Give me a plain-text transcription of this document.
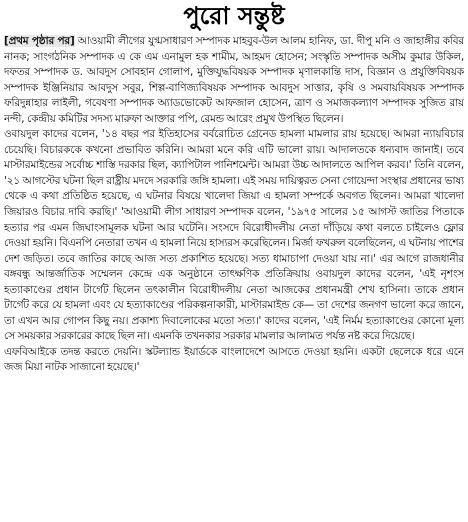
পুরো সন্তুষ্ট

[প্রথম পৃষ্ঠার পর] আওয়ামী লীগের যুগ্মসাধারণ সম্পাদক মাহবুব-উল আলম হানিফ, ডা. দীপু মনি ও জাহাঙ্গীর কবির নানক; সাংগঠনিক সম্পাদক এ কে এম এনামুল হক শামীম, আহমদ হোসেন; সংস্কৃতি সম্পাদক অসীম কুমার উকিল, দফতর সম্পাদক ড. আবদুস সোবহান গোলাপ, মুক্তিযুদ্ধবিষয়ক সম্পাদক মৃণালকান্তি দাস, বিজ্ঞান ও প্রযুক্তিবিষয়ক সম্পাদক ইঞ্জিনিয়ার আবদুস সবুর, শিল্প-বাণিজ্যবিষয়ক সম্পাদক আবদুস সাত্তার, কৃষি ও সমবায়বিষয়ক সম্পাদক ফরিদুন্নাহার লাইলী, গবেষণা সম্পাদক অ্যাডভোকেট আফজাল হোসেন, ত্রাণ ও সমাজকল্যাণ সম্পাদক সুজিত রায় নন্দী, কেন্দ্রীয় কমিটির সদস্য মারুফা আক্তার পপি, রেমন্ড আরেং প্রমুখ উপস্থিত ছিলেন।

ওবায়দুল কাদের বলেন, '১৪ বছর পর ইতিহাসের বর্বরোচিত গ্রেনেড হামলা মামলার রায় হয়েছে। আমরা ন্যায়বিচার চেয়েছি। বিচারককে কখনো প্রভাবিত করিনি। আমরা মনে করি এটি ভালো রায়। আদালতকে ধন্যবাদ জানাই। তবে মাস্টারমাইন্ডের সর্বোচ্চ শাস্তি দরকার ছিল, ক্যাপিটাল পানিশমেন্ট। আমরা উচ্চ আদালতে আপিল করব।' তিনি বলেন, '২১ আগস্টের ঘটনা ছিল রাষ্ট্রীয় মদদে সরকারি জঙ্গি হামলা। এই সময় দায়িত্বরত সেনা গোয়েন্দা সংস্থার প্রধানের ভাষ্য থেকে এ কথা প্রতিষ্ঠিত হয়েছে, এ ঘটনার বিষয়ে খালেদা জিয়া এ হামলা সম্পর্কে অবগত ছিলেন। আমরা খালেদা জিয়ারও বিচার দাবি করছি।' 'আওয়ামী লীগ সাধারণ সম্পাদক বলেন, '১৯৭৫ সালের ১৫ আগস্ট জাতির পিতাকে হত্যার পর এমন জিঘাংসামূলক ঘটনা আর ঘটেনি। সংসদে বিরোধীদলীয় নেতা দাঁড়িয়ে কথা বলতে চাইলেও ফ্লোর দেওয়া হয়নি। বিএনপি নেতারা তখন এ হামলা নিয়ে হাস্যরস করেছিলেন। মির্জা ফখরুল বলেছিলেন, এ ঘটনায় পাশের দেশ জড়িত। তবে জাতির কাছে আজ সত্য প্রকাশিত হয়েছে। সত্য ধামাচাপা দেওয়া যায় না।' এর আগে রাজধানীর বঙ্গবন্ধু আন্তর্জাতিক সম্মেলন কেন্দ্রে এক অনুষ্ঠানে তাৎক্ষণিক প্রতিক্রিয়ায় ওবায়দুল কাদের বলেন, 'এই নৃশংস হত্যাকাণ্ডের প্রধান টার্গেট ছিলেন তৎকালীন বিরোধীদলীয় নেতা আজকের প্রধানমন্ত্রী শেখ হাসিনা। তাকে প্রধান টার্গেট করে যে হামলা এবং যে হত্যাকাণ্ডের পরিকল্পনাকারী, মাস্টারমাইন্ড কে— তা দেশের জনগণ ভালো করে জানে, তা এখন আর গোপন কিছু নয়। প্রকাশ্য দিবালোকের মতো সত্য।' কাদের বলেন, 'এই নির্মম হত্যাকাণ্ডের কোনো মূল্য সে সময়কার সরকারের কাছে ছিল না। এমনকি তখনকার সরকার মামলার আলামত পর্যন্ত নষ্ট করে দিয়েছে।

এফবিআইকে তদন্ত করতে দেয়নি। স্কটল্যান্ড ইয়ার্ডকে বাংলাদেশে আসতে দেওয়া হয়নি। একটা ছেলেকে ধরে এনে জজ মিয়া নাটক সাজানো হয়েছে।'
